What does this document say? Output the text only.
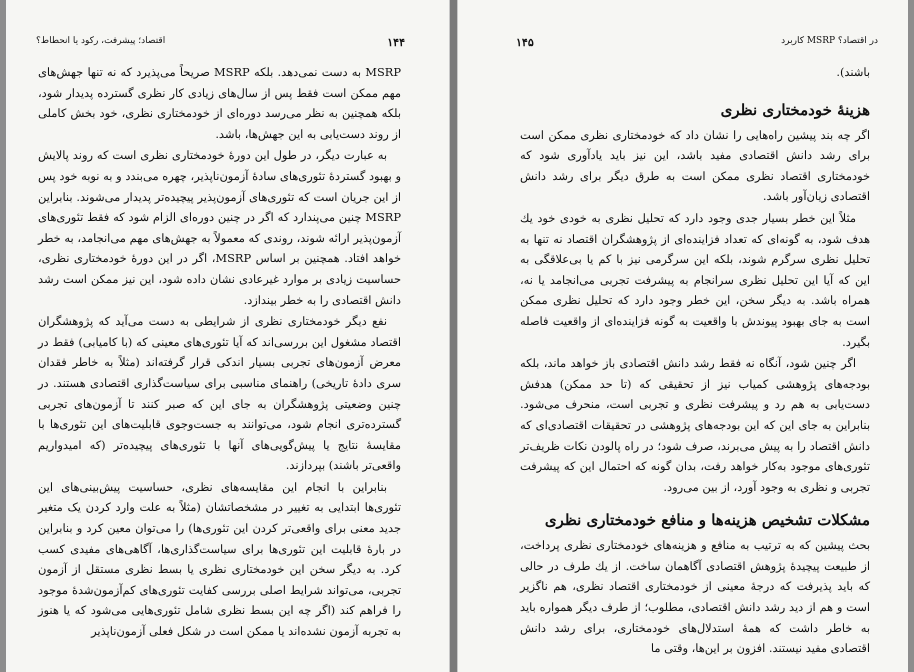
اقتصاد؛ پیشرفت، رکود یا انحطاط؟	۱۴۴

MSRP به دست نمی‌دهد. بلکه MSRP صریحاً می‌پذیرد که نه تنها جهش‌های مهم ممکن است فقط پس از سال‌های زیادی کار نظری گسترده پدیدار شود، بلکه همچنین به نظر می‌رسد دوره‌ای از خودمختاری نظری، خود بخش کاملی از روند دست‌یابی به این جهش‌ها، باشد.

به عبارت دیگر، در طول این دورهٔ خودمختاری نظری است که روند پالایش و بهبود گستردهٔ تئوری‌های سادهٔ آزمون‌ناپذیر، چهره می‌بندد و به نوبه خود پس از این جریان است که تئوری‌های آزمون‌پذیر پیچیده‌تر پدیدار می‌شوند. بنابراین MSRP چنین می‌پندارد که اگر در چنین دوره‌ای الزام شود که فقط تئوری‌های آزمون‌پذیر ارائه شوند، روندی که معمولاً به جهش‌های مهم می‌انجامد، به خطر خواهد افتاد. همچنین بر اساس MSRP، اگر در این دورهٔ خودمختاری نظری، حساسیت زیادی بر موارد غیرعادی نشان داده شود، این نیز ممکن است رشد دانش اقتصادی را به خطر بیندازد.

نفع دیگر خودمختاری نظری از شرایطی به دست می‌آید که پژوهشگران اقتصاد مشغول این بررسی‌اند که آیا تئوری‌های معینی که (با کامیابی) فقط در معرض آزمون‌های تجربی بسیار اندکی قرار گرفته‌اند (مثلاً به خاطر فقدان سری دادهٔ تاریخی) راهنمای مناسبی برای سیاست‌گذاری اقتصادی هستند. در چنین وضعیتی پژوهشگران به جای این که صبر کنند تا آزمون‌های تجربی گسترده‌تری انجام شود، می‌توانند به جست‌وجوی قابلیت‌های این تئوری‌ها با مقایسهٔ نتایج یا پیش‌گویی‌های آنها با تئوری‌های پیچیده‌تر (که امیدواریم واقعی‌تر باشند) بپردازند.

بنابراین با انجام این مقایسه‌های نظری، حساسیت پیش‌بینی‌های این تئوری‌ها ابتدایی به تغییر در مشخصاتشان (مثلاً به علت وارد کردن یک متغیر جدید معنی برای واقعی‌تر کردن این تئوری‌ها) را می‌توان معین کرد و بنابراین در بارهٔ قابلیت این تئوری‌ها برای سیاست‌گذاری‌ها، آگاهی‌های مفیدی کسب کرد. به دیگر سخن این خودمختاری نظری یا بسط نظری مستقل از آزمون تجربی، می‌تواند شرایط اصلی بررسی کفایت تئوری‌های کم‌آزمون‌شدهٔ موجود را فراهم کند (اگر چه این بسط نظری شامل تئوری‌هایی می‌شود که یا هنوز به تجربه آزمون نشده‌اند یا ممکن است در شکل فعلی آزمون‌ناپذیر

کاربرد MSRP در اقتصاد؟
۱۴۵

باشند).

هزینهٔ خودمختاری نظری

اگر چه بند پیشین راه‌هایی را نشان داد که خودمختاری نظری ممکن است برای رشد دانش اقتصادی مفید باشد، این نیز باید یادآوری شود که خودمختاری اقتصاد نظری ممکن است به طرق دیگر برای رشد دانش اقتصادی زیان‌آور باشد.

مثلاً این خطر بسیار جدی وجود دارد که تحلیل نظری به خودی خود یك هدف شود، به گونه‌ای که تعداد فزاینده‌ای از پژوهشگران اقتصاد نه تنها به تحلیل نظری سرگرم شوند، بلکه این سرگرمی نیز با کم یا بی‌علاقگی به این که آیا این تحلیل نظری سرانجام به پیشرفت تجربی می‌انجامد یا نه، همراه باشد. به دیگر سخن، این خطر وجود دارد که تحلیل نظری ممکن است به جای بهبود پیوندش با واقعیت به گونه فزاینده‌ای از واقعیت فاصله بگیرد.

اگر چنین شود، آنگاه نه فقط رشد دانش اقتصادی باز خواهد ماند، بلکه بودجه‌های پژوهشی کمیاب نیز از تحقیقی که (تا حد ممکن) هدفش دست‌یابی به هم‌ رد و پیشرفت نظری و تجربی است، منحرف می‌شود. بنابراین به جای این که این بودجه‌های پژوهشی در تحقیقات اقتصادی‌ای که دانش اقتصاد را به پیش می‌برند، صرف شود؛ در راه پالودن نکات ظریف‌تر تئوری‌های موجود به‌کار خواهد رفت، بدان گونه که احتمال این که پیشرفت تجربی و نظری به وجود آورد، از بین می‌رود.

مشکلات تشخیص هزینه‌ها و منافع خودمختاری نظری

بحث پیشین که به ترتیب به منافع و هزینه‌های خودمختاری نظری پرداخت، از طبیعت پیچیدهٔ پژوهش اقتصادی آگاهمان ساخت. از یك طرف در حالی که باید پذیرفت که درجهٔ معینی از خودمختاری اقتصاد نظری، هم ناگزیر است و هم از دید رشد دانش اقتصادی، مطلوب؛ از طرف دیگر همواره باید به خاطر داشت که همهٔ استدلال‌های خودمختاری، برای رشد دانش اقتصادی مفید نیستند. افزون بر این‌ها، وقتی ما
